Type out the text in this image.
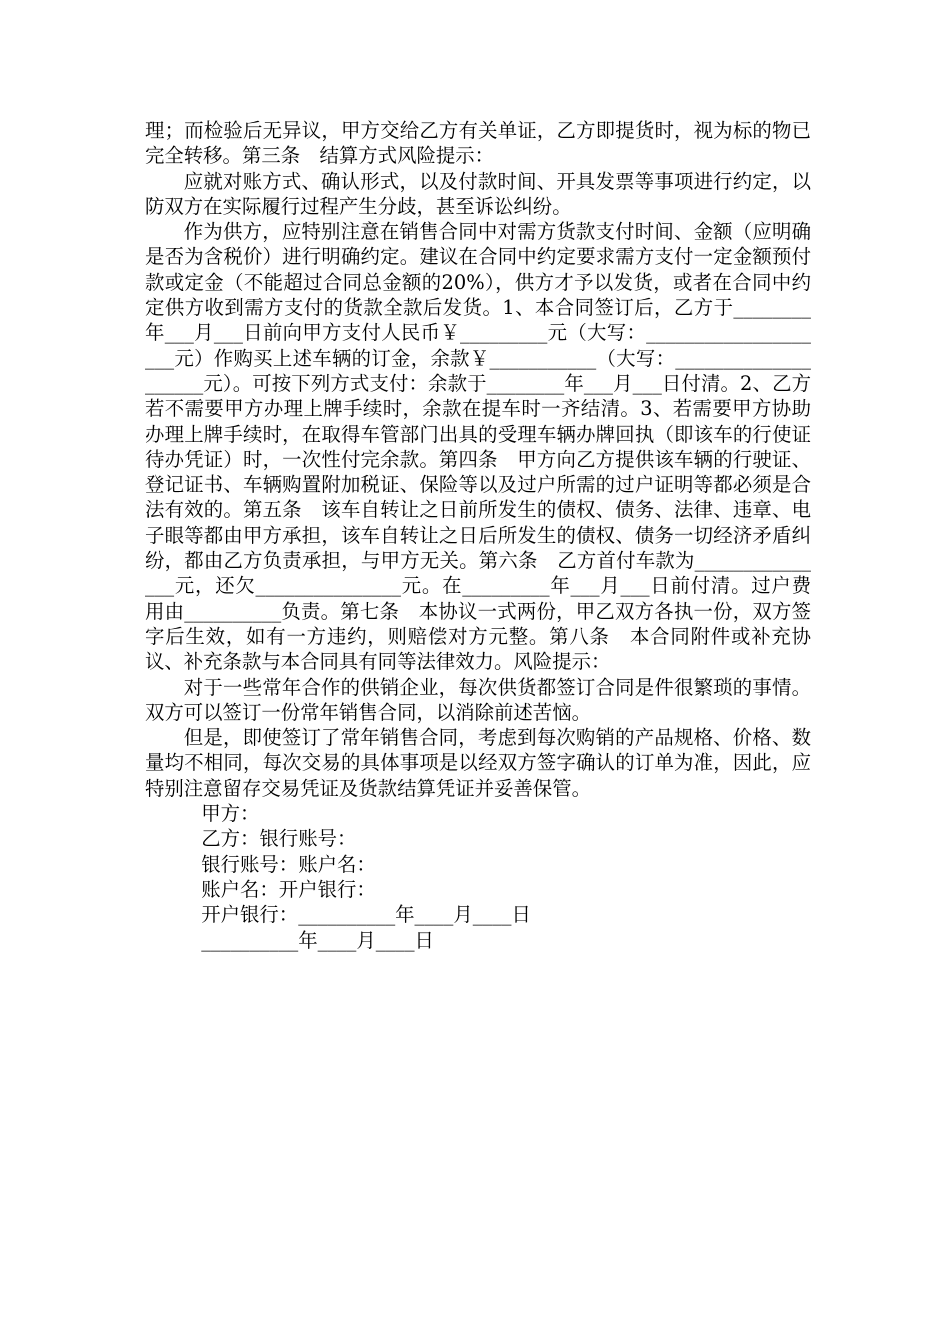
理；而检验后无异议，甲方交给乙方有关单证，乙方即提货时，视为标的物已完全转移。第三条　结算方式风险提示：

应就对账方式、确认形式，以及付款时间、开具发票等事项进行约定，以防双方在实际履行过程产生分歧，甚至诉讼纠纷。

作为供方，应特别注意在销售合同中对需方货款支付时间、金额（应明确是否为含税价）进行明确约定。建议在合同中约定要求需方支付一定金额预付款或定金（不能超过合同总金额的20%），供方才予以发货，或者在合同中约定供方收到需方支付的货款全款后发货。1、本合同签订后，乙方于________年___月___日前向甲方支付人民币￥_________元（大写：____________________元）作购买上述车辆的订金，余款￥___________（大写：____________________元）。可按下列方式支付：余款于________年___月___日付清。2、乙方若不需要甲方办理上牌手续时，余款在提车时一齐结清。3、若需要甲方协助办理上牌手续时，在取得车管部门出具的受理车辆办牌回执（即该车的行使证待办凭证）时，一次性付完余款。第四条　甲方向乙方提供该车辆的行驶证、登记证书、车辆购置附加税证、保险等以及过户所需的过户证明等都必须是合法有效的。第五条　该车自转让之日前所发生的债权、债务、法律、违章、电子眼等都由甲方承担，该车自转让之日后所发生的债权、债务一切经济矛盾纠纷，都由乙方负责承担，与甲方无关。第六条　乙方首付车款为_______________元，还欠_______________元。在_________年___月___日前付清。过户费用由__________负责。第七条　本协议一式两份，甲乙双方各执一份，双方签字后生效，如有一方违约，则赔偿对方元整。第八条　本合同附件或补充协议、补充条款与本合同具有同等法律效力。风险提示：

对于一些常年合作的供销企业，每次供货都签订合同是件很繁琐的事情。双方可以签订一份常年销售合同，以消除前述苦恼。

但是，即使签订了常年销售合同，考虑到每次购销的产品规格、价格、数量均不相同，每次交易的具体事项是以经双方签字确认的订单为准，因此，应特别注意留存交易凭证及货款结算凭证并妥善保管。

甲方：

乙方：银行账号：

银行账号：账户名：

账户名：开户银行：

开户银行：__________年____月____日

__________年____月____日
